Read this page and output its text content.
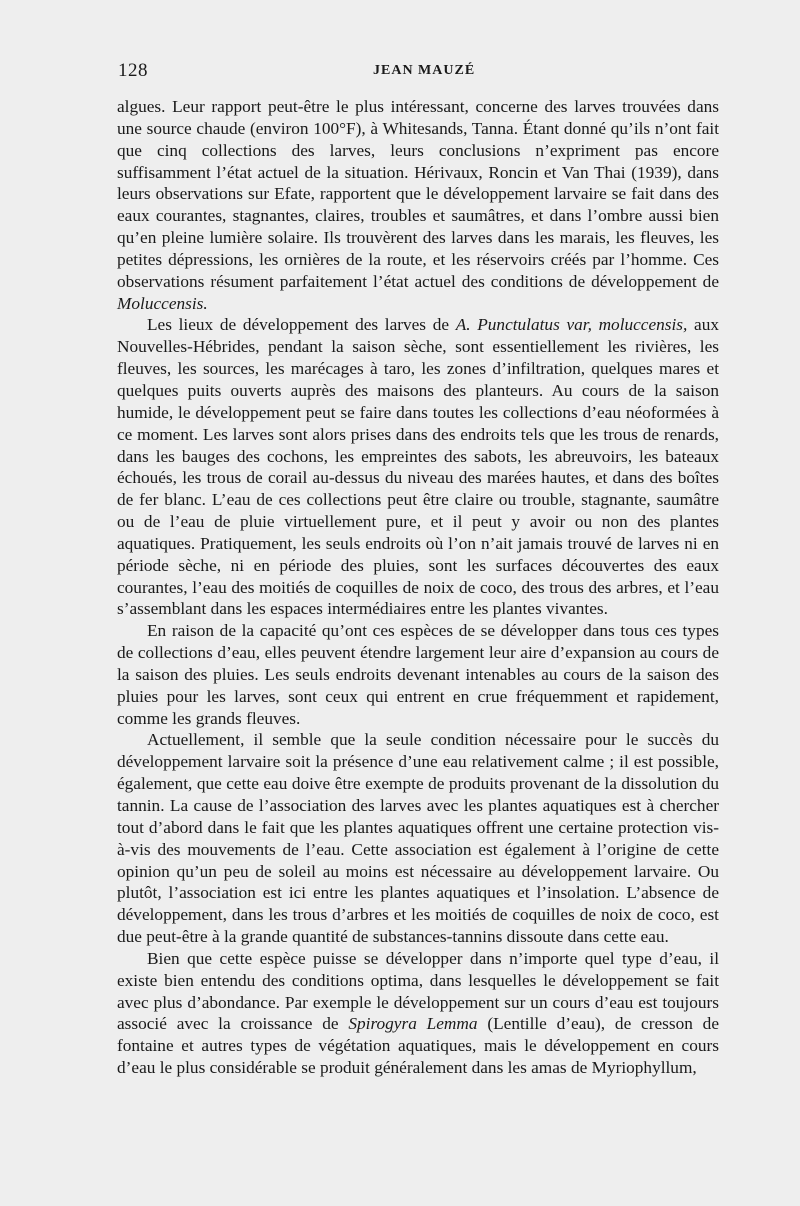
128	JEAN MAUZÉ

algues. Leur rapport peut-être le plus intéressant, concerne des larves trouvées dans une source chaude (environ 100°F), à Whitesands, Tanna. Étant donné qu’ils n’ont fait que cinq collections des larves, leurs conclusions n’expriment pas encore suffisamment l’état actuel de la situation. Hérivaux, Roncin et Van Thai (1939), dans leurs observations sur Efate, rapportent que le développement larvaire se fait dans des eaux courantes, stagnantes, claires, troubles et saumâtres, et dans l’ombre aussi bien qu’en pleine lumière solaire. Ils trouvèrent des larves dans les marais, les fleuves, les petites dépressions, les ornières de la route, et les réservoirs créés par l’homme. Ces observations résument parfaitement l’état actuel des conditions de développement de Moluccensis.

Les lieux de développement des larves de A. Punctulatus var, moluccensis, aux Nouvelles-Hébrides, pendant la saison sèche, sont essentiellement les rivières, les fleuves, les sources, les marécages à taro, les zones d’infiltration, quelques mares et quelques puits ouverts auprès des maisons des planteurs. Au cours de la saison humide, le développement peut se faire dans toutes les collections d’eau néoformées à ce moment. Les larves sont alors prises dans des endroits tels que les trous de renards, dans les bauges des cochons, les empreintes des sabots, les abreuvoirs, les bateaux échoués, les trous de corail au-dessus du niveau des marées hautes, et dans des boîtes de fer blanc. L’eau de ces collections peut être claire ou trouble, stagnante, saumâtre ou de l’eau de pluie virtuellement pure, et il peut y avoir ou non des plantes aquatiques. Pratiquement, les seuls endroits où l’on n’ait jamais trouvé de larves ni en période sèche, ni en période des pluies, sont les surfaces découvertes des eaux courantes, l’eau des moitiés de coquilles de noix de coco, des trous des arbres, et l’eau s’assemblant dans les espaces intermédiaires entre les plantes vivantes.

En raison de la capacité qu’ont ces espèces de se développer dans tous ces types de collections d’eau, elles peuvent étendre largement leur aire d’expansion au cours de la saison des pluies. Les seuls endroits devenant intenables au cours de la saison des pluies pour les larves, sont ceux qui entrent en crue fréquemment et rapidement, comme les grands fleuves.

Actuellement, il semble que la seule condition nécessaire pour le succès du développement larvaire soit la présence d’une eau relativement calme ; il est possible, également, que cette eau doive être exempte de produits provenant de la dissolution du tannin. La cause de l’association des larves avec les plantes aquatiques est à chercher tout d’abord dans le fait que les plantes aquatiques offrent une certaine protection vis-à-vis des mouvements de l’eau. Cette association est également à l’origine de cette opinion qu’un peu de soleil au moins est nécessaire au développement larvaire. Ou plutôt, l’association est ici entre les plantes aquatiques et l’insolation. L’absence de développement, dans les trous d’arbres et les moitiés de coquilles de noix de coco, est due peut-être à la grande quantité de substances-tannins dissoute dans cette eau.

Bien que cette espèce puisse se développer dans n’importe quel type d’eau, il existe bien entendu des conditions optima, dans lesquelles le développement se fait avec plus d’abondance. Par exemple le développement sur un cours d’eau est toujours associé avec la croissance de Spirogyra Lemma (Lentille d’eau), de cresson de fontaine et autres types de végétation aquatiques, mais le développement en cours d’eau le plus considérable se produit généralement dans les amas de Myriophyllum,
